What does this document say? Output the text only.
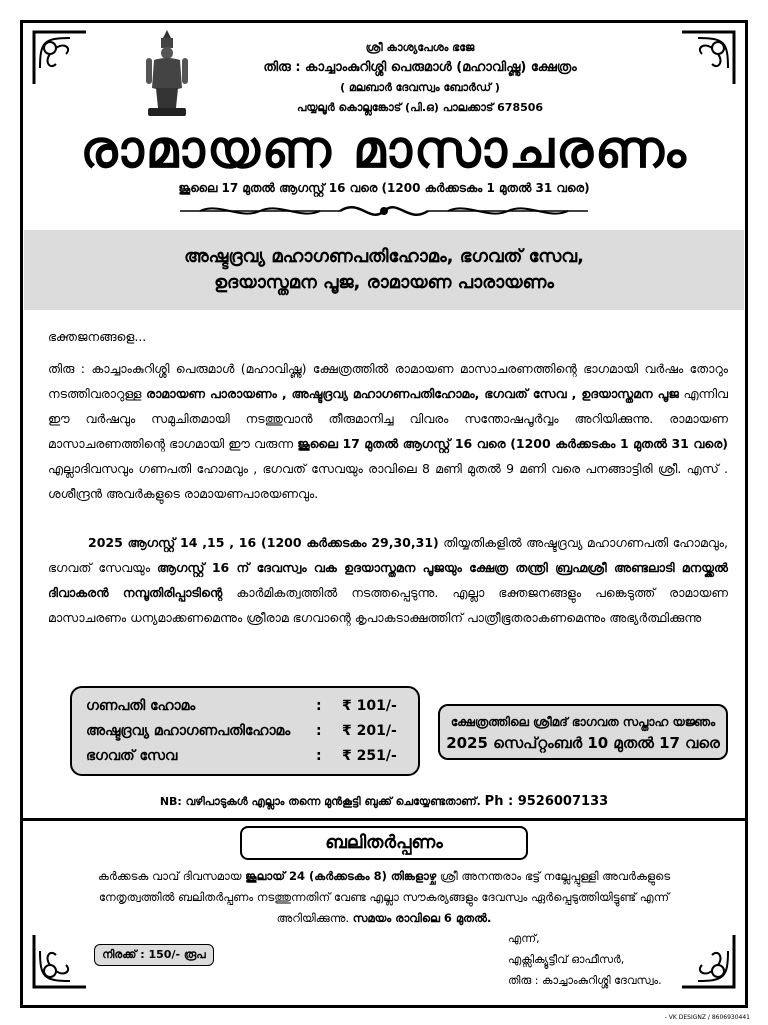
ശ്രീ കാശ്യപേശം ഭജേ
തിരു : കാച്ചാംകുറിശ്ശി പെരുമാൾ (മഹാവിഷ്ണു) ക്ഷേത്രം
( മലബാർ ദേവസ്വം ബോർഡ് )
പയ്യലൂർ കൊല്ലങ്കോട് (പി.ഒ) പാലക്കാട് 678506
രാമായണ മാസാചരണം
ജൂലൈ 17 മുതൽ ആഗസ്റ്റ് 16 വരെ (1200 കർക്കടകം 1 മുതൽ 31 വരെ)
അഷ്ടദ്രവ്യ മഹാഗണപതിഹോമം, ഭഗവത് സേവ,
ഉദയാസ്തമന പൂജ, രാമായണ പാരായണം
ഭക്തജനങ്ങളെ...
തിരു : കാച്ചാംകുറിശ്ശി പെരുമാൾ (മഹാവിഷ്ണു) ക്ഷേത്രത്തിൽ രാമായണ മാസാചരണത്തിന്റെ ഭാഗമായി വർഷം തോറും നടത്തിവരാറുള്ള രാമായണ പാരായണം , അഷ്ടദ്രവ്യ മഹാഗണപതിഹോമം, ഭഗവത് സേവ , ഉദയാസ്തമന പൂജ എന്നിവ ഈ വർഷവും സമുചിതമായി നടത്തുവാൻ തീരുമാനിച്ച വിവരം സന്തോഷപൂർവ്വം അറിയിക്കുന്നു. രാമായണ മാസാചരണത്തിന്റെ ഭാഗമായി ഈ വരുന്ന ജൂലൈ 17 മുതൽ ആഗസ്റ്റ് 16 വരെ (1200 കർക്കടകം 1 മുതൽ 31 വരെ) എല്ലാദിവസവും ഗണപതി ഹോമവും , ഭഗവത് സേവയും രാവിലെ 8 മണി മുതൽ 9 മണി വരെ പനങ്ങാട്ടിരി ശ്രീ. എസ് . ശശീന്ദ്രൻ അവർകളുടെ രാമായണപാരയണവും.
2025 ആഗസ്റ്റ് 14 ,15 , 16 (1200 കർക്കടകം 29,30,31) തിയ്യതികളിൽ അഷ്ടദ്രവ്യ മഹാഗണപതി ഹോമവും, ഭഗവത് സേവയും ആഗസ്റ്റ് 16 ന് ദേവസ്വം വക ഉദയാസ്തമന പൂജയും ക്ഷേത്ര തന്ത്രി ബ്രഹ്മശ്രീ അണ്ടലാടി മനയ്ക്കൽ ദിവാകരൻ നമ്പൂതിരിപ്പാടിന്റെ കാർമികത്വത്തിൽ നടത്തപ്പെടുന്നു. എല്ലാ ഭക്തജനങ്ങളും പങ്കെടുത്ത് രാമായണ മാസാചരണം ധന്യമാക്കണമെന്നും ശ്രീരാമ ഭഗവാന്റെ കൃപാകടാക്ഷത്തിന് പാത്രീഭൂതരാകണമെന്നും അഭ്യർത്ഥിക്കുന്നു
ഗണപതി ഹോമം	:	₹ 101/-
അഷ്ടദ്രവ്യ മഹാഗണപതിഹോമം	:	₹ 201/-
ഭഗവത് സേവ	:	₹ 251/-
ക്ഷേത്രത്തിലെ ശ്രീമദ് ഭാഗവത സപ്താഹ യജ്ഞം
2025 സെപ്റ്റംബർ 10 മുതൽ 17 വരെ
NB: വഴിപാടുകൾ എല്ലാം തന്നെ മുൻകൂട്ടി ബുക്ക് ചെയ്യേണ്ടതാണ്. Ph : 9526007133
ബലിതർപ്പണം
കർക്കടക വാവ് ദിവസമായ ജൂലായ് 24 (കർക്കടകം 8) തിങ്കളാഴ്ച ശ്രീ അനന്തരാം ഭട്ട് നല്ലേപ്പുള്ളി അവർകളുടെ നേതൃത്വത്തിൽ ബലിതർപ്പണം നടത്തുന്നതിന് വേണ്ട എല്ലാ സൗകര്യങ്ങളും ദേവസ്വം ഏർപ്പെടുത്തിയിട്ടുണ്ട് എന്ന് അറിയിക്കുന്നു. സമയം രാവിലെ 6 മുതൽ.
നിരക്ക് : 150/- രൂപ
എന്ന്,
എക്സിക്യൂട്ടീവ് ഓഫീസർ,
തിരു : കാച്ചാംകുറിശ്ശി ദേവസ്വം.
- VK DESIGNZ / 8606930441
